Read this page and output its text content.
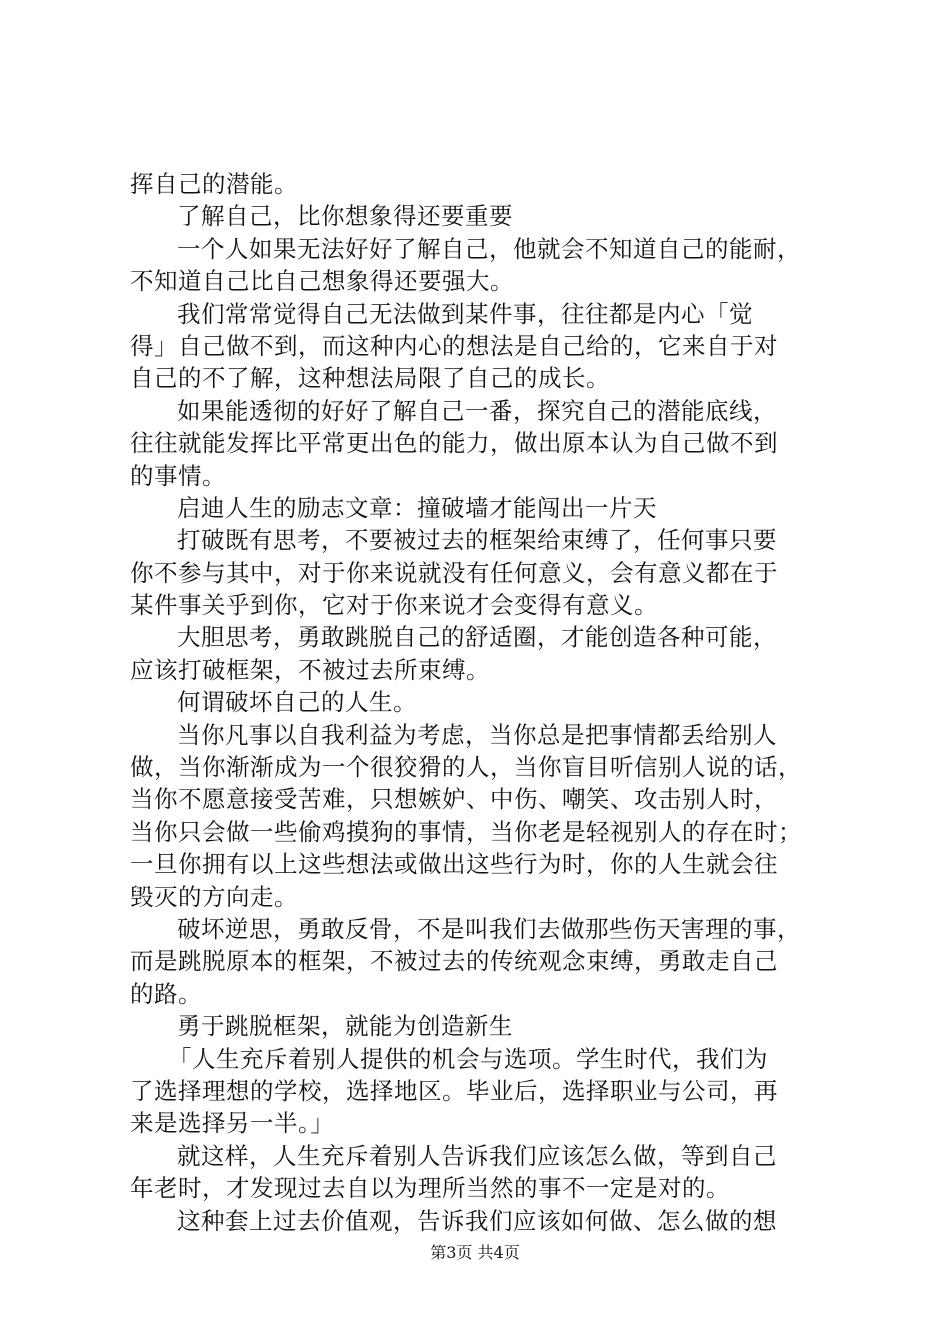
挥自己的潜能。
了解自己，比你想象得还要重要
一个人如果无法好好了解自己，他就会不知道自己的能耐，
不知道自己比自己想象得还要强大。
我们常常觉得自己无法做到某件事，往往都是内心「觉
得」自己做不到，而这种内心的想法是自己给的，它来自于对
自己的不了解，这种想法局限了自己的成长。
如果能透彻的好好了解自己一番，探究自己的潜能底线，
往往就能发挥比平常更出色的能力，做出原本认为自己做不到
的事情。
启迪人生的励志文章：撞破墙才能闯出一片天
打破既有思考，不要被过去的框架给束缚了，任何事只要
你不参与其中，对于你来说就没有任何意义，会有意义都在于
某件事关乎到你，它对于你来说才会变得有意义。
大胆思考，勇敢跳脱自己的舒适圈，才能创造各种可能，
应该打破框架，不被过去所束缚。
何谓破坏自己的人生。
当你凡事以自我利益为考虑，当你总是把事情都丢给别人
做，当你渐渐成为一个很狡猾的人，当你盲目听信别人说的话，
当你不愿意接受苦难，只想嫉妒、中伤、嘲笑、攻击别人时，
当你只会做一些偷鸡摸狗的事情，当你老是轻视别人的存在时；
一旦你拥有以上这些想法或做出这些行为时，你的人生就会往
毁灭的方向走。
破坏逆思，勇敢反骨，不是叫我们去做那些伤天害理的事，
而是跳脱原本的框架，不被过去的传统观念束缚，勇敢走自己
的路。
勇于跳脱框架，就能为创造新生
「人生充斥着别人提供的机会与选项。学生时代，我们为
了选择理想的学校，选择地区。毕业后，选择职业与公司，再
来是选择另一半。」
就这样，人生充斥着别人告诉我们应该怎么做，等到自己
年老时，才发现过去自以为理所当然的事不一定是对的。
这种套上过去价值观，告诉我们应该如何做、怎么做的想
第3页 共4页
